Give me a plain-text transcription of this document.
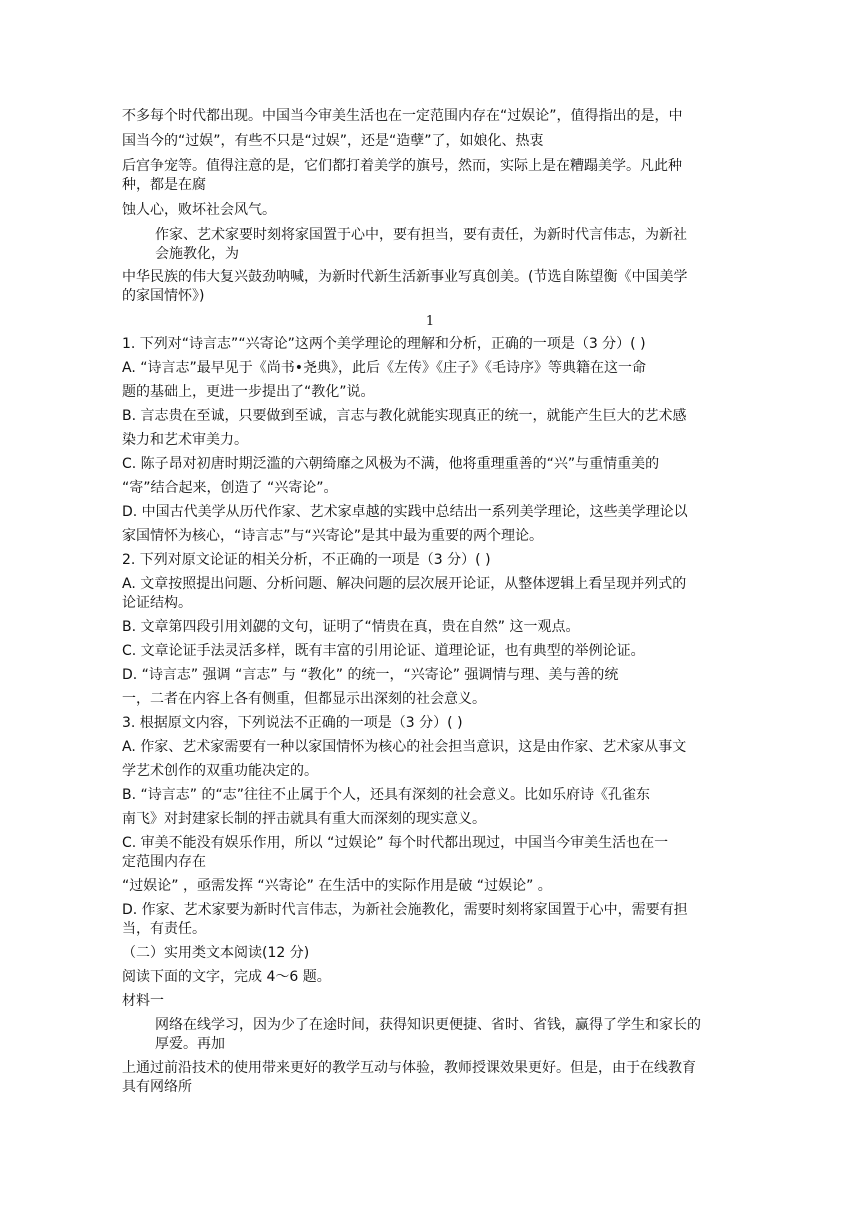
不多每个时代都出现。中国当今审美生活也在一定范围内存在“过娱论”，值得指出的是，中
国当今的“过娱”，有些不只是“过娱”，还是“造孽”了，如娘化、热衷
后宫争宠等。值得注意的是，它们都打着美学的旗号，然而，实际上是在糟蹋美学。凡此种
种，都是在腐
蚀人心，败坏社会风气。
作家、艺术家要时刻将家国置于心中，要有担当，要有责任，为新时代言伟志，为新社
会施教化，为
中华民族的伟大复兴鼓劲呐喊，为新时代新生活新事业写真创美。(节选自陈望衡《中国美学
的家国情怀》)
1
1. 下列对“诗言志”“兴寄论”这两个美学理论的理解和分析，正确的一项是（3 分）( )
A. “诗言志”最早见于《尚书•尧典》，此后《左传》《庄子》《毛诗序》等典籍在这一命
题的基础上，更进一步提出了“教化”说。
B. 言志贵在至诚，只要做到至诚，言志与教化就能实现真正的统一，就能产生巨大的艺术感
染力和艺术审美力。
C. 陈子昂对初唐时期泛滥的六朝绮靡之风极为不满，他将重理重善的“兴”与重情重美的
“寄”结合起来，创造了 “兴寄论”。
D. 中国古代美学从历代作家、艺术家卓越的实践中总结出一系列美学理论，这些美学理论以
家国情怀为核心，“诗言志”与“兴寄论”是其中最为重要的两个理论。
2. 下列对原文论证的相关分析，不正确的一项是（3 分）( )
A. 文章按照提出问题、分析问题、解决问题的层次展开论证，从整体逻辑上看呈现并列式的
论证结构。
B. 文章第四段引用刘勰的文句，证明了“情贵在真，贵在自然” 这一观点。
C. 文章论证手法灵活多样，既有丰富的引用论证、道理论证，也有典型的举例论证。
D. “诗言志” 强调 “言志” 与 “教化” 的统一，“兴寄论” 强调情与理、美与善的统
一，二者在内容上各有侧重，但都显示出深刻的社会意义。
3. 根据原文内容，下列说法不正确的一项是（3 分）( )
A. 作家、艺术家需要有一种以家国情怀为核心的社会担当意识，这是由作家、艺术家从事文
学艺术创作的双重功能决定的。
B. “诗言志” 的“志”往往不止属于个人，还具有深刻的社会意义。比如乐府诗《孔雀东
南飞》对封建家长制的抨击就具有重大而深刻的现实意义。
C. 审美不能没有娱乐作用，所以 “过娱论” 每个时代都出现过，中国当今审美生活也在一
定范围内存在
“过娱论” ，亟需发挥 “兴寄论” 在生活中的实际作用是破 “过娱论” 。
D. 作家、艺术家要为新时代言伟志，为新社会施教化，需要时刻将家国置于心中，需要有担
当，有责任。
（二）实用类文本阅读(12 分)
阅读下面的文字，完成 4～6 题。
材料一
网络在线学习，因为少了在途时间，获得知识更便捷、省时、省钱，赢得了学生和家长的
厚爱。再加
上通过前沿技术的使用带来更好的教学互动与体验，教师授课效果更好。但是，由于在线教育
具有网络所
